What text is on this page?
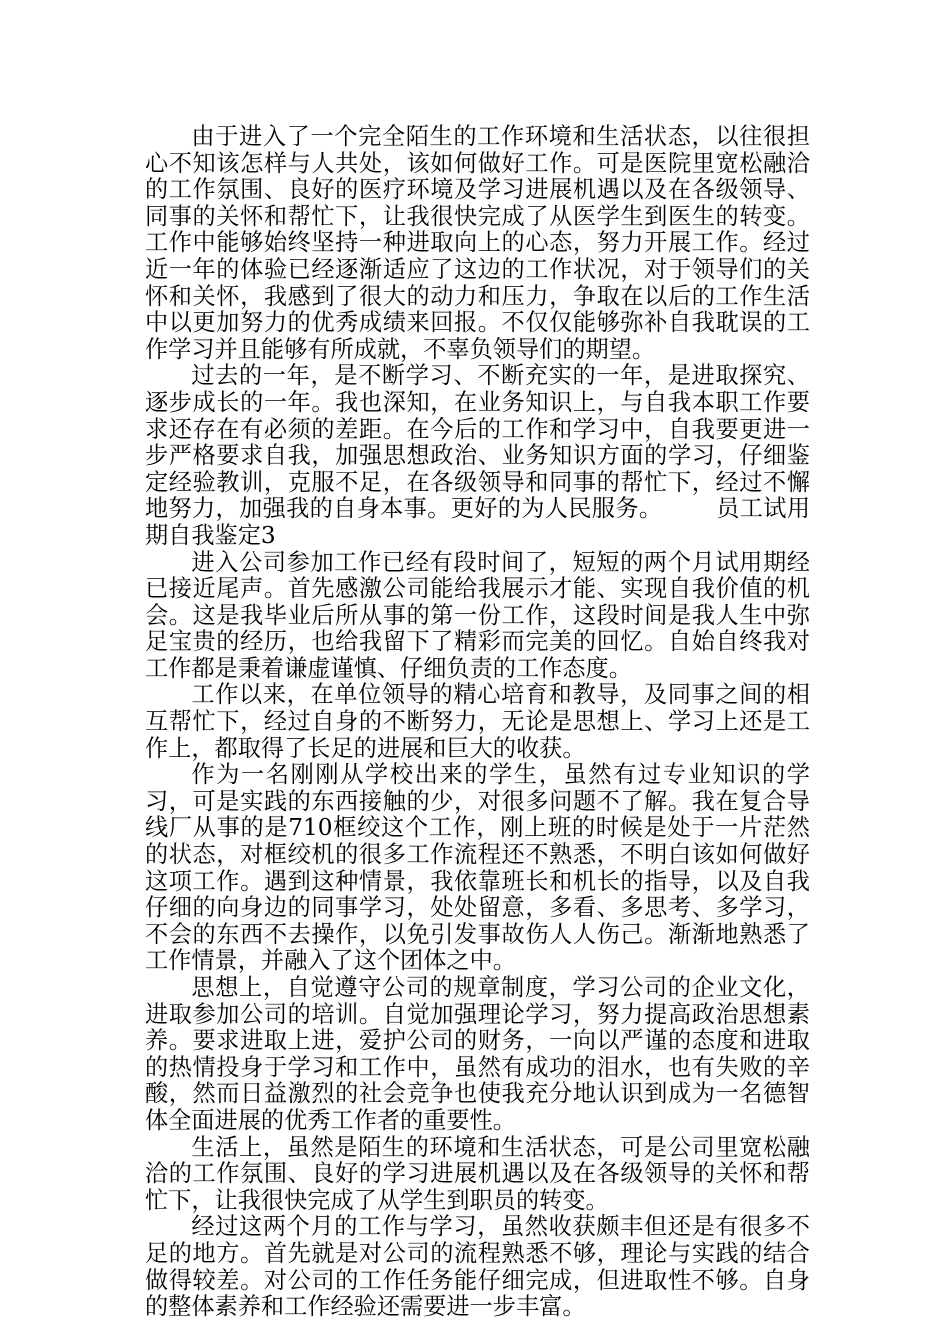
由于进入了一个完全陌生的工作环境和生活状态，以往很担心不知该怎样与人共处，该如何做好工作。可是医院里宽松融洽的工作氛围、良好的医疗环境及学习进展机遇以及在各级领导、同事的关怀和帮忙下，让我很快完成了从医学生到医生的转变。工作中能够始终坚持一种进取向上的心态，努力开展工作。经过近一年的体验已经逐渐适应了这边的工作状况，对于领导们的关怀和关怀，我感到了很大的动力和压力，争取在以后的工作生活中以更加努力的优秀成绩来回报。不仅仅能够弥补自我耽误的工作学习并且能够有所成就，不辜负领导们的期望。

过去的一年，是不断学习、不断充实的一年，是进取探究、逐步成长的一年。我也深知，在业务知识上，与自我本职工作要求还存在有必须的差距。在今后的工作和学习中，自我要更进一步严格要求自我，加强思想政治、业务知识方面的学习，仔细鉴定经验教训，克服不足，在各级领导和同事的帮忙下，经过不懈地努力，加强我的自身本事。更好的为人民服务。 员工试用期自我鉴定3

进入公司参加工作已经有段时间了，短短的两个月试用期经已接近尾声。首先感激公司能给我展示才能、实现自我价值的机会。这是我毕业后所从事的第一份工作，这段时间是我人生中弥足宝贵的经历，也给我留下了精彩而完美的回忆。自始自终我对工作都是秉着谦虚谨慎、仔细负责的工作态度。

工作以来，在单位领导的精心培育和教导，及同事之间的相互帮忙下，经过自身的不断努力，无论是思想上、学习上还是工作上，都取得了长足的进展和巨大的收获。

作为一名刚刚从学校出来的学生，虽然有过专业知识的学习，可是实践的东西接触的少，对很多问题不了解。我在复合导线厂从事的是710框绞这个工作，刚上班的时候是处于一片茫然的状态，对框绞机的很多工作流程还不熟悉，不明白该如何做好这项工作。遇到这种情景，我依靠班长和机长的指导，以及自我仔细的向身边的同事学习，处处留意，多看、多思考、多学习，不会的东西不去操作，以免引发事故伤人人伤己。渐渐地熟悉了工作情景，并融入了这个团体之中。

思想上，自觉遵守公司的规章制度，学习公司的企业文化，进取参加公司的培训。自觉加强理论学习，努力提高政治思想素养。要求进取上进，爱护公司的财务，一向以严谨的态度和进取的热情投身于学习和工作中，虽然有成功的泪水，也有失败的辛酸，然而日益激烈的社会竞争也使我充分地认识到成为一名德智体全面进展的优秀工作者的重要性。

生活上，虽然是陌生的环境和生活状态，可是公司里宽松融洽的工作氛围、良好的学习进展机遇以及在各级领导的关怀和帮忙下，让我很快完成了从学生到职员的转变。

经过这两个月的工作与学习，虽然收获颇丰但还是有很多不足的地方。首先就是对公司的流程熟悉不够，理论与实践的结合做得较差。对公司的工作任务能仔细完成，但进取性不够。自身的整体素养和工作经验还需要进一步丰富。
